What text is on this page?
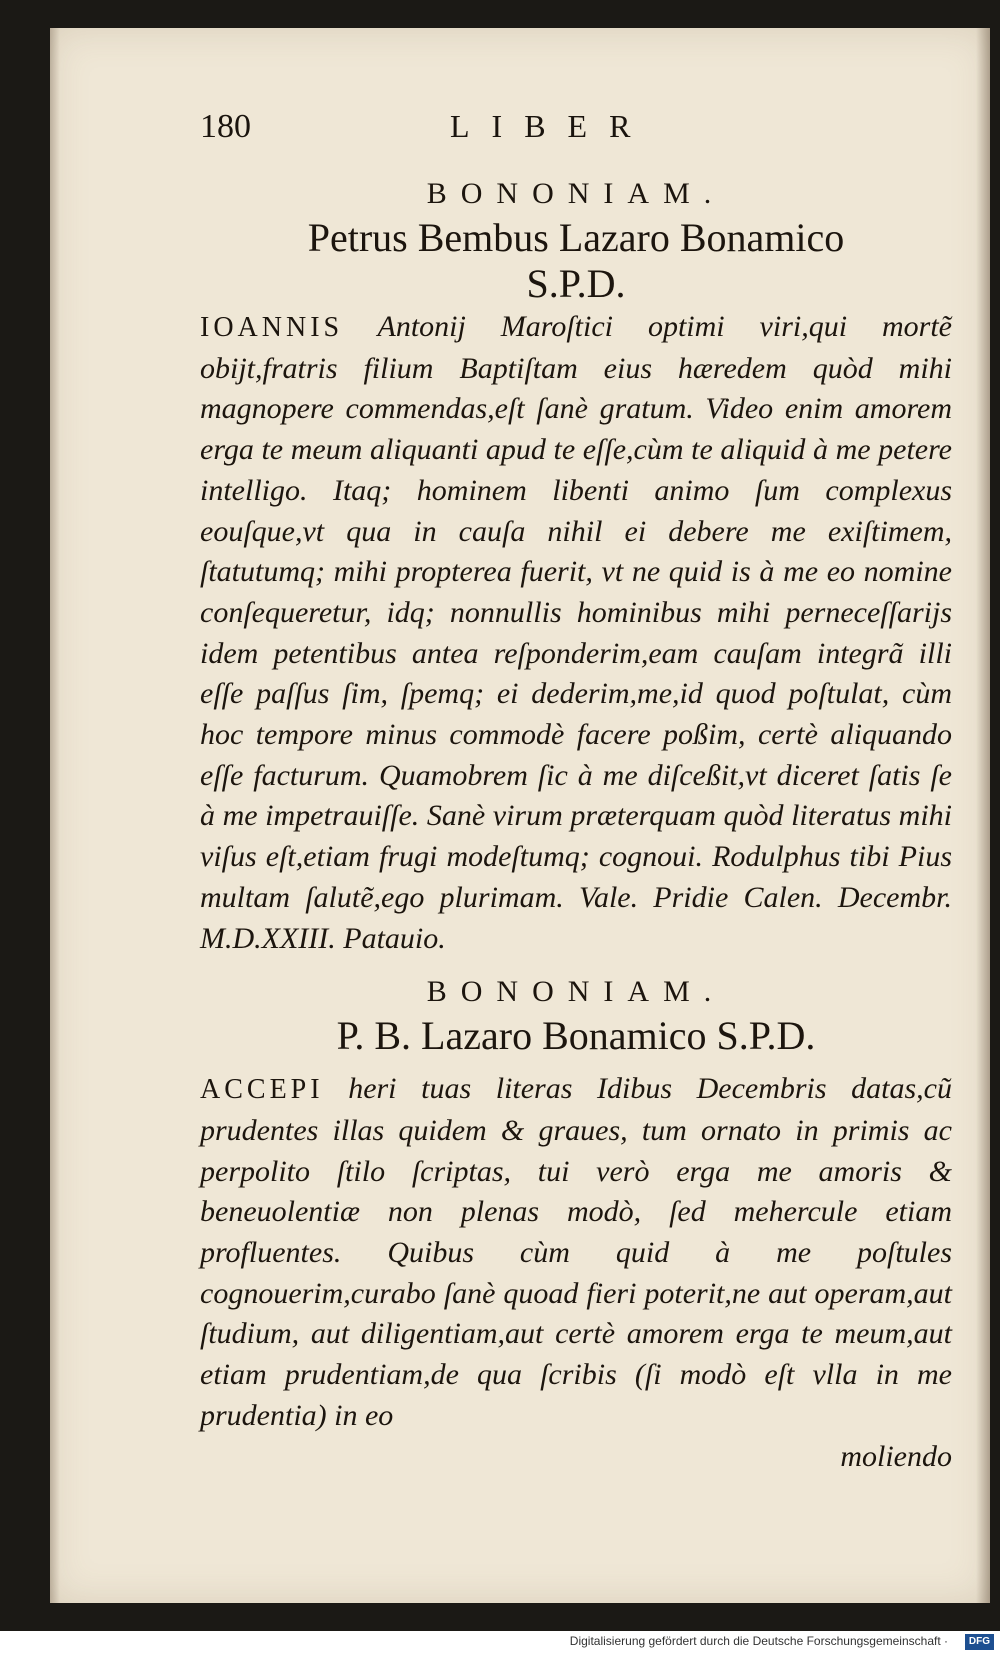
180	LIBER

BONONIAM.

Petrus Bembus Lazaro Bonamico

S.P.D.

IOANNIS Antonij Maroſtici optimi viri,qui mortẽ obijt,fratris filium Baptiſtam eius hæredem quòd mihi magnopere commendas,eſt ſanè gratum. Video enim amorem erga te meum aliquanti apud te eſſe,cùm te aliquid à me petere intelligo. Itaq; hominem libenti animo ſum complexus eouſque,vt qua in cauſa nihil ei debere me exiſtimem, ſtatutumq; mihi propterea fuerit, vt ne quid is à me eo nomine conſequeretur, idq; nonnullis hominibus mihi perneceſſarijs idem petentibus antea reſponderim,eam cauſam integrã illi eſſe paſſus ſim, ſpemq; ei dederim,me,id quod poſtulat, cùm hoc tempore minus commodè facere poßim, certè aliquando eſſe facturum. Quamobrem ſic à me diſceßit,vt diceret ſatis ſe à me impetrauiſſe. Sanè virum præterquam quòd literatus mihi viſus eſt,etiam frugi modeſtumq; cognoui. Rodulphus tibi Pius multam ſalutẽ,ego plurimam. Vale. Pridie Calen. Decembr. M.D.XXIII. Patauio.

BONONIAM.

P. B. Lazaro Bonamico S.P.D.

ACCEPI heri tuas literas Idibus Decembris datas,cũ prudentes illas quidem & graues, tum ornato in primis ac perpolito ſtilo ſcriptas, tui verò erga me amoris & beneuolentiæ non plenas modò, ſed mehercule etiam profluentes. Quibus cùm quid à me poſtules cognouerim,curabo ſanè quoad fieri poterit,ne aut operam,aut ſtudium, aut diligentiam,aut certè amorem erga te meum,aut etiam prudentiam,de qua ſcribis (ſi modò eſt vlla in me prudentia) in eo

moliendo

Digitalisierung gefördert durch die Deutsche Forschungsgemeinschaft ·	DFG
